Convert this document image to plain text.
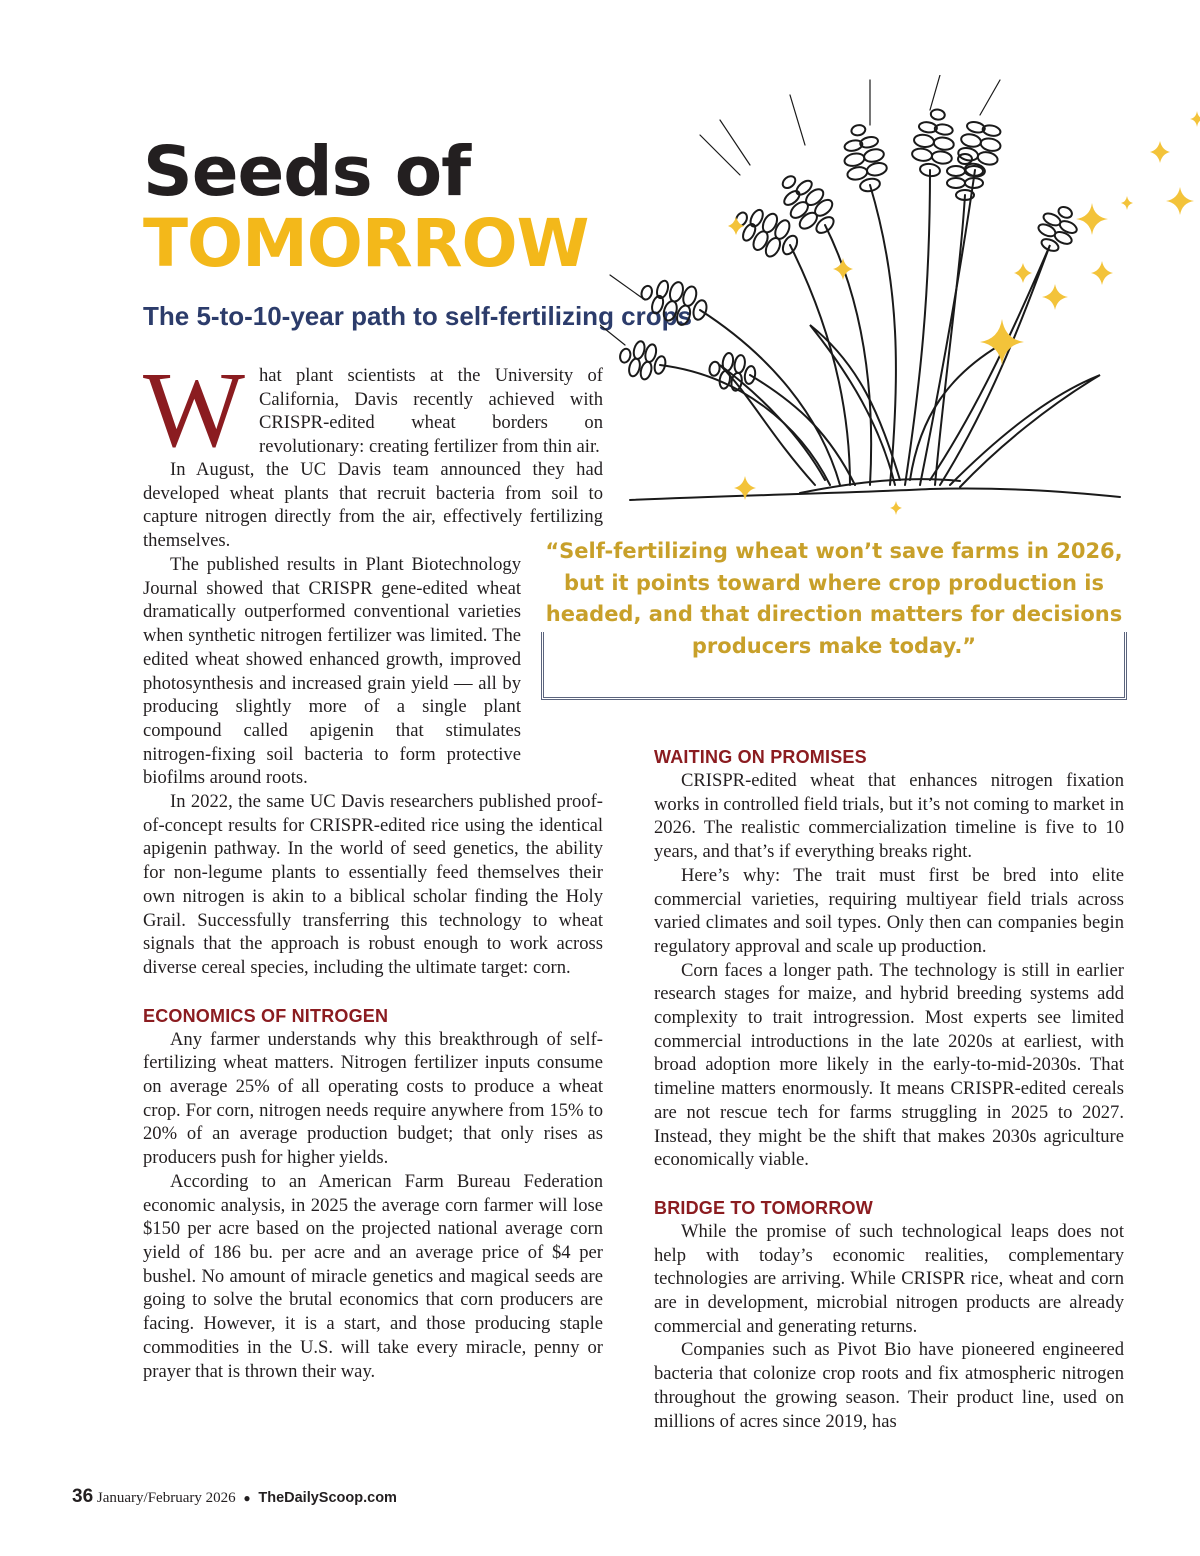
Seeds of
TOMORROW
The 5-to-10-year path to self-fertilizing crops
“Self-fertilizing wheat won’t save farms in 2026, but it points toward where crop production is headed, and that direction matters for decisions producers make today.”

W hat plant scientists at the University of California, Davis recently achieved with CRISPR-edited wheat borders on revolutionary: creating fertilizer from thin air.

In August, the UC Davis team announced they had developed wheat plants that recruit bacteria from soil to capture nitrogen directly from the air, effectively fertilizing themselves.

The published results in Plant Biotechnology Journal showed that CRISPR gene-edited wheat dramatically outperformed conventional varieties when synthetic nitrogen fertilizer was limited. The edited wheat showed enhanced growth, improved photosynthesis and increased grain yield — all by producing slightly more of a single plant compound called apigenin that stimulates nitrogen-fixing soil bacteria to form protective biofilms around roots.

In 2022, the same UC Davis researchers published proof-of-concept results for CRISPR-edited rice using the identical apigenin pathway. In the world of seed genetics, the ability for non-legume plants to essentially feed themselves their own nitrogen is akin to a biblical scholar finding the Holy Grail. Successfully transferring this technology to wheat signals that the approach is robust enough to work across diverse cereal species, including the ultimate target: corn.

ECONOMICS OF NITROGEN

Any farmer understands why this breakthrough of self-fertilizing wheat matters. Nitrogen fertilizer inputs consume on average 25% of all operating costs to produce a wheat crop. For corn, nitrogen needs require anywhere from 15% to 20% of an average production budget; that only rises as producers push for higher yields.

According to an American Farm Bureau Federation economic analysis, in 2025 the average corn farmer will lose $150 per acre based on the projected national average corn yield of 186 bu. per acre and an average price of $4 per bushel. No amount of miracle genetics and magical seeds are going to solve the brutal economics that corn producers are facing. However, it is a start, and those producing staple commodities in the U.S. will take every miracle, penny or prayer that is thrown their way.

WAITING ON PROMISES

CRISPR-edited wheat that enhances nitrogen fixation works in controlled field trials, but it’s not coming to market in 2026. The realistic commercialization timeline is five to 10 years, and that’s if everything breaks right.

Here’s why: The trait must first be bred into elite commercial varieties, requiring multiyear field trials across varied climates and soil types. Only then can companies begin regulatory approval and scale up production.

Corn faces a longer path. The technology is still in earlier research stages for maize, and hybrid breeding systems add complexity to trait introgression. Most experts see limited commercial introductions in the late 2020s at earliest, with broad adoption more likely in the early-to-mid-2030s. That timeline matters enormously. It means CRISPR-edited cereals are not rescue tech for farms struggling in 2025 to 2027. Instead, they might be the shift that makes 2030s agriculture economically viable.

BRIDGE TO TOMORROW

While the promise of such technological leaps does not help with today’s economic realities, complementary technologies are arriving. While CRISPR rice, wheat and corn are in development, microbial nitrogen products are already commercial and generating returns.

Companies such as Pivot Bio have pioneered engineered bacteria that colonize crop roots and fix atmospheric nitrogen throughout the growing season. Their product line, used on millions of acres since 2019, has

36 January/February 2026 ● TheDailyScoop.com
